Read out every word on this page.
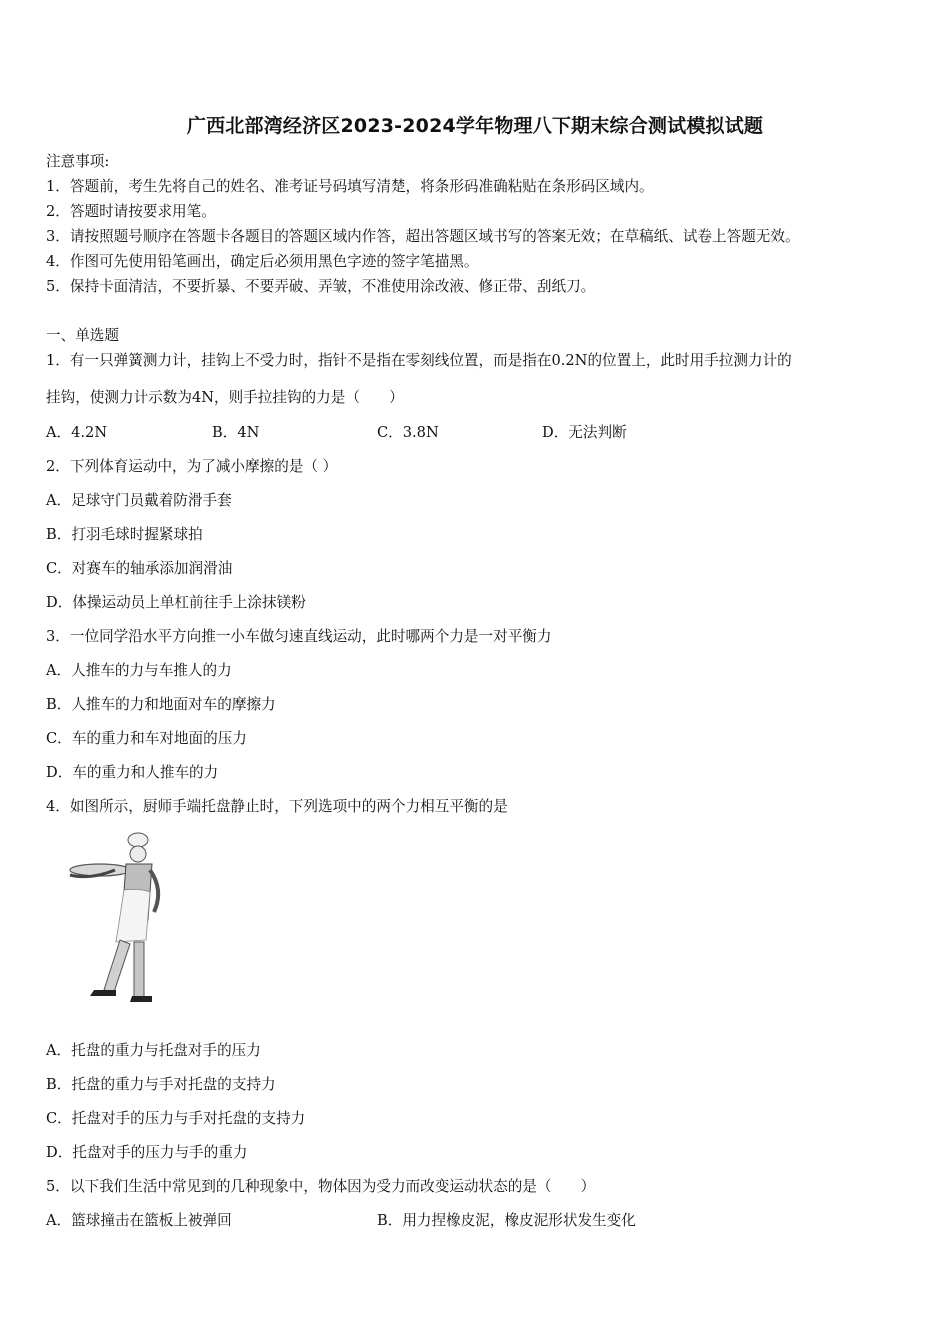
广西北部湾经济区2023-2024学年物理八下期末综合测试模拟试题
注意事项:
1．答题前，考生先将自己的姓名、准考证号码填写清楚，将条形码准确粘贴在条形码区域内。
2．答题时请按要求用笔。
3．请按照题号顺序在答题卡各题目的答题区域内作答，超出答题区域书写的答案无效；在草稿纸、试卷上答题无效。
4．作图可先使用铅笔画出，确定后必须用黑色字迹的签字笔描黑。
5．保持卡面清洁，不要折暴、不要弄破、弄皱，不准使用涂改液、修正带、刮纸刀。
一、单选题
1．有一只弹簧测力计，挂钩上不受力时，指针不是指在零刻线位置，而是指在0.2N的位置上，此时用手拉测力计的
挂钩，使测力计示数为4N，则手拉挂钩的力是（　　）
A．4.2N	B．4N	C．3.8N	D．无法判断
2．下列体育运动中，为了减小摩擦的是（ ）
A．足球守门员戴着防滑手套
B．打羽毛球时握紧球拍
C．对赛车的轴承添加润滑油
D．体操运动员上单杠前往手上涂抹镁粉
3．一位同学沿水平方向推一小车做匀速直线运动，此时哪两个力是一对平衡力
A．人推车的力与车推人的力
B．人推车的力和地面对车的摩擦力
C．车的重力和车对地面的压力
D．车的重力和人推车的力
4．如图所示，厨师手端托盘静止时，下列选项中的两个力相互平衡的是
A．托盘的重力与托盘对手的压力
B．托盘的重力与手对托盘的支持力
C．托盘对手的压力与手对托盘的支持力
D．托盘对手的压力与手的重力
5．以下我们生活中常见到的几种现象中，物体因为受力而改变运动状态的是（　　）
A．篮球撞击在篮板上被弹回	B．用力捏橡皮泥，橡皮泥形状发生变化
